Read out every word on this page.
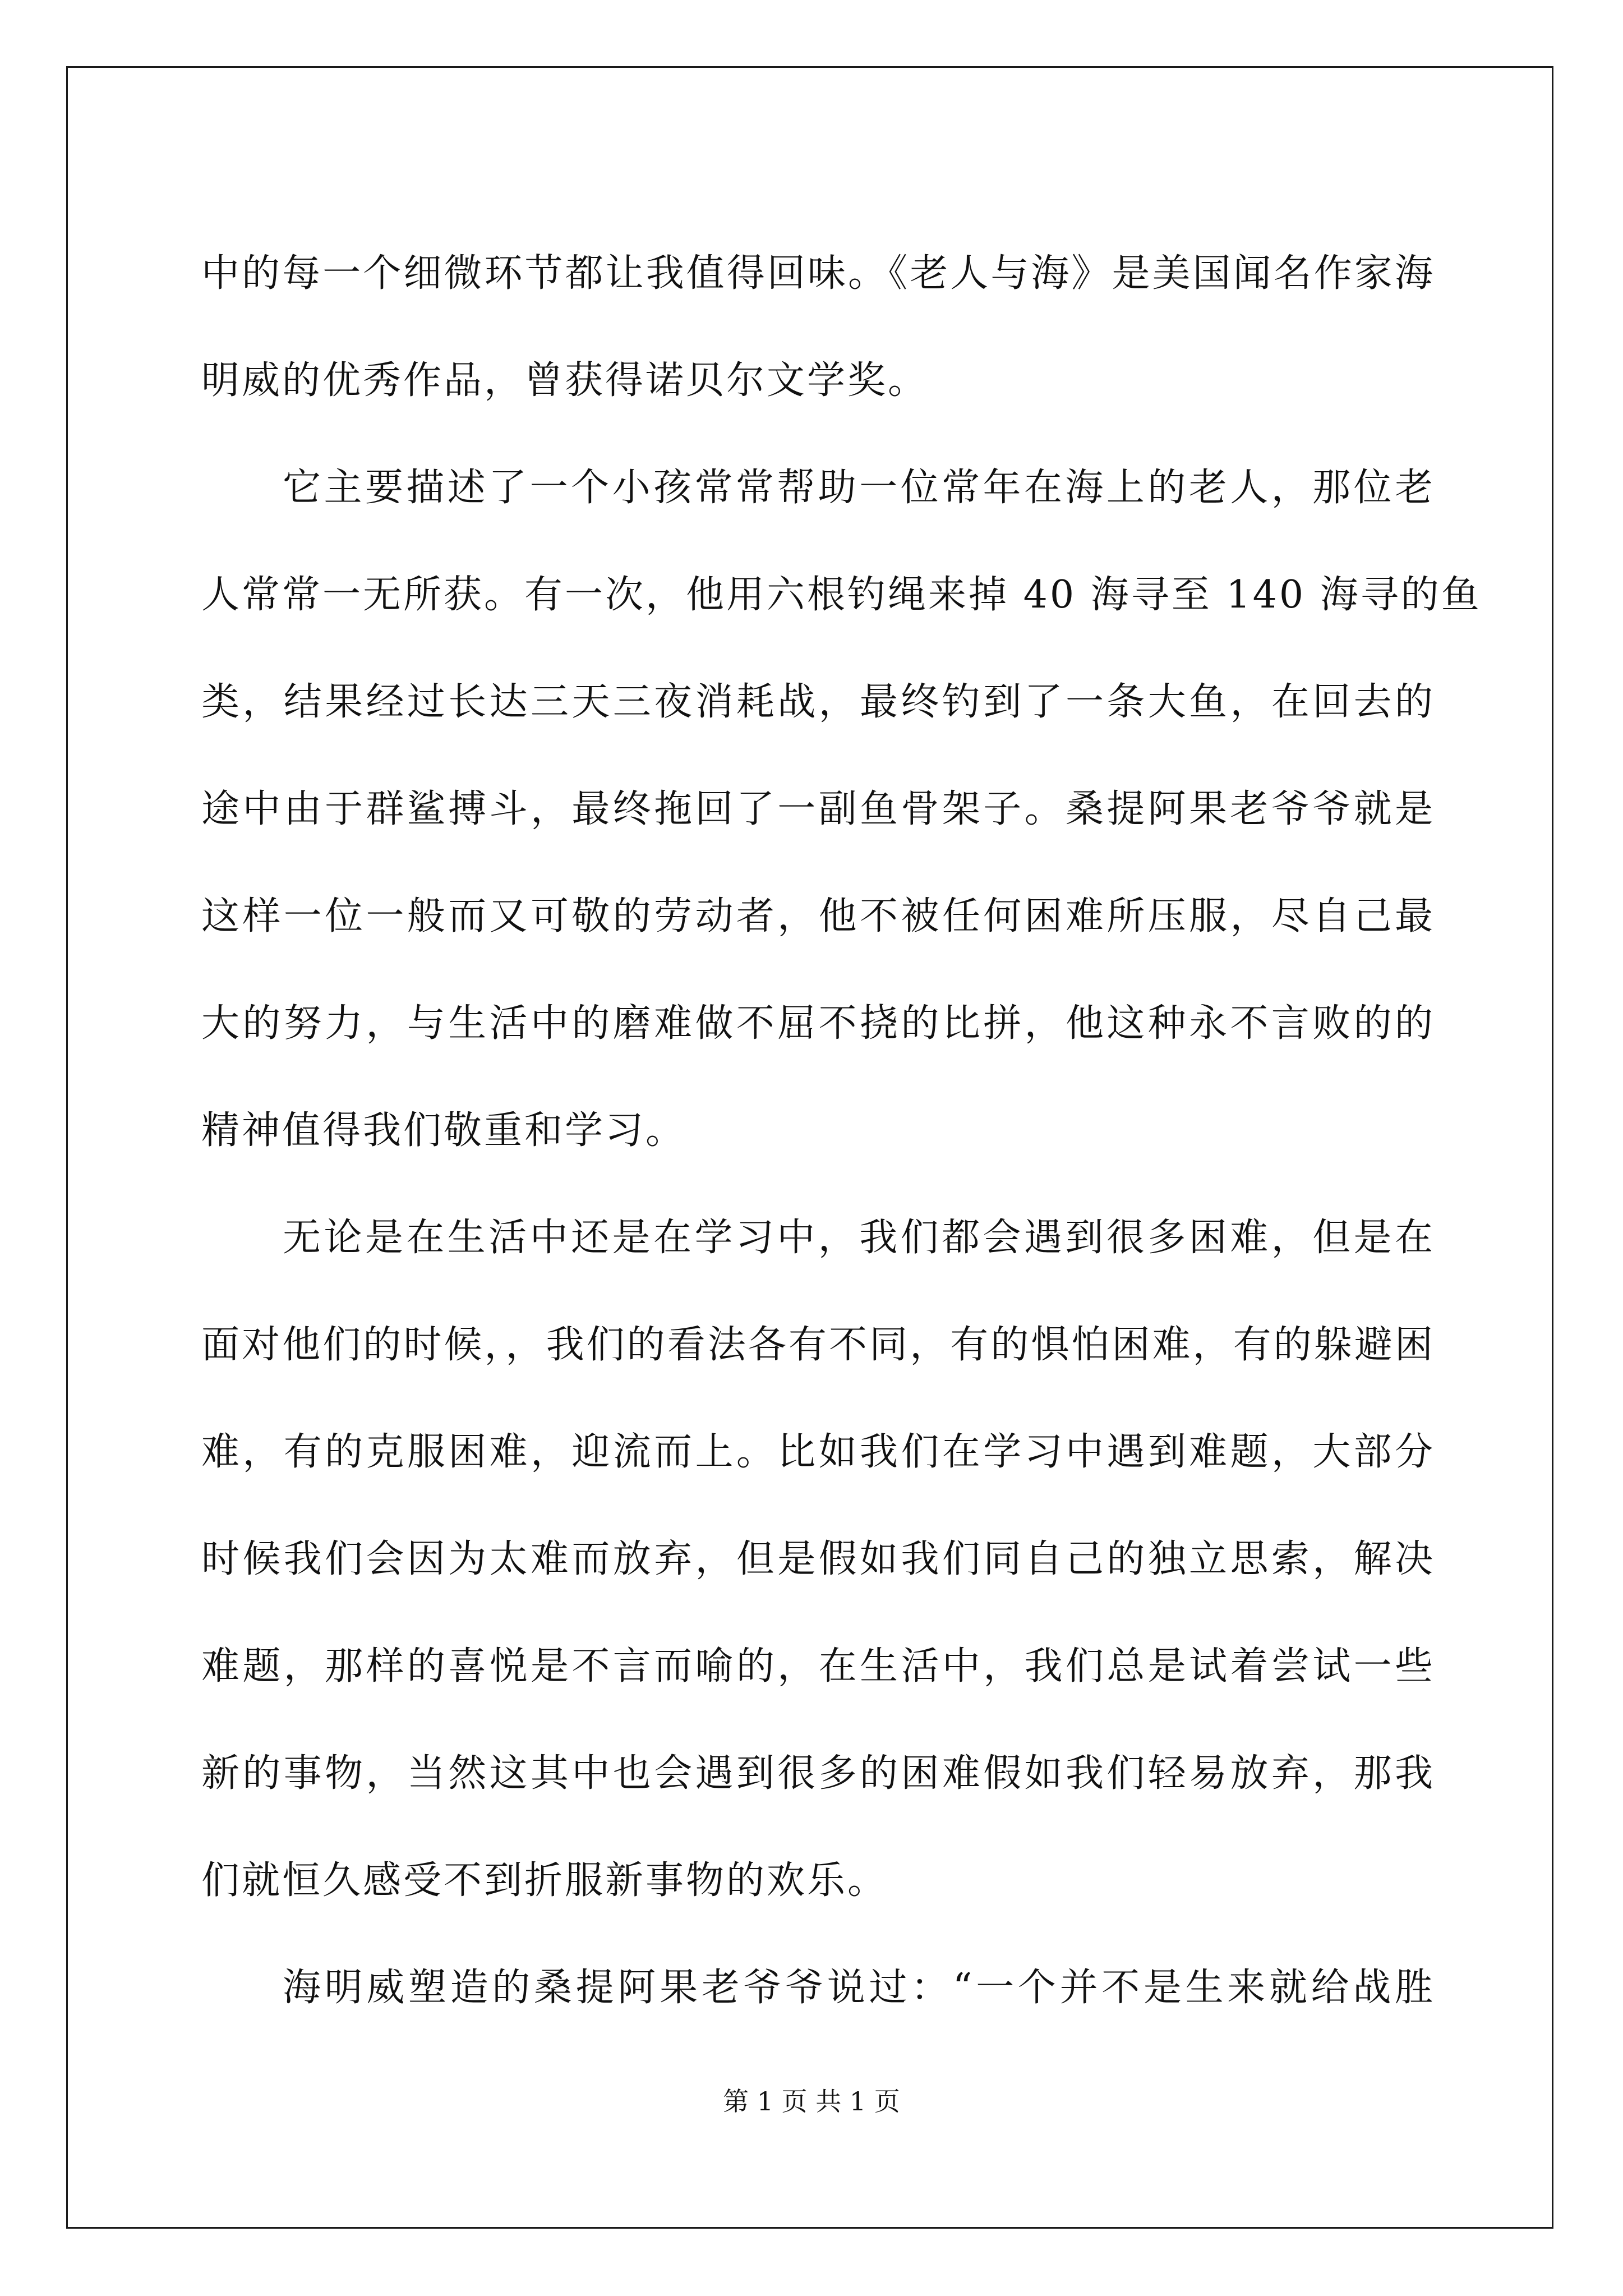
中的每一个细微环节都让我值得回味。《老人与海》是美国闻名作家海
明威的优秀作品，曾获得诺贝尔文学奖。
它主要描述了一个小孩常常帮助一位常年在海上的老人，那位老
人常常一无所获。有一次，他用六根钓绳来掉 40 海寻至 140 海寻的鱼
类，结果经过长达三天三夜消耗战，最终钓到了一条大鱼，在回去的
途中由于群鲨搏斗，最终拖回了一副鱼骨架子。桑提阿果老爷爷就是
这样一位一般而又可敬的劳动者，他不被任何困难所压服，尽自己最
大的努力，与生活中的磨难做不屈不挠的比拼，他这种永不言败的的
精神值得我们敬重和学习。
无论是在生活中还是在学习中，我们都会遇到很多困难，但是在
面对他们的时候，，我们的看法各有不同，有的惧怕困难，有的躲避困
难，有的克服困难，迎流而上。比如我们在学习中遇到难题，大部分
时候我们会因为太难而放弃，但是假如我们同自己的独立思索，解决
难题，那样的喜悦是不言而喻的，在生活中，我们总是试着尝试一些
新的事物，当然这其中也会遇到很多的困难假如我们轻易放弃，那我
们就恒久感受不到折服新事物的欢乐。
海明威塑造的桑提阿果老爷爷说过：“一个并不是生来就给战胜
第 1 页 共 1 页
